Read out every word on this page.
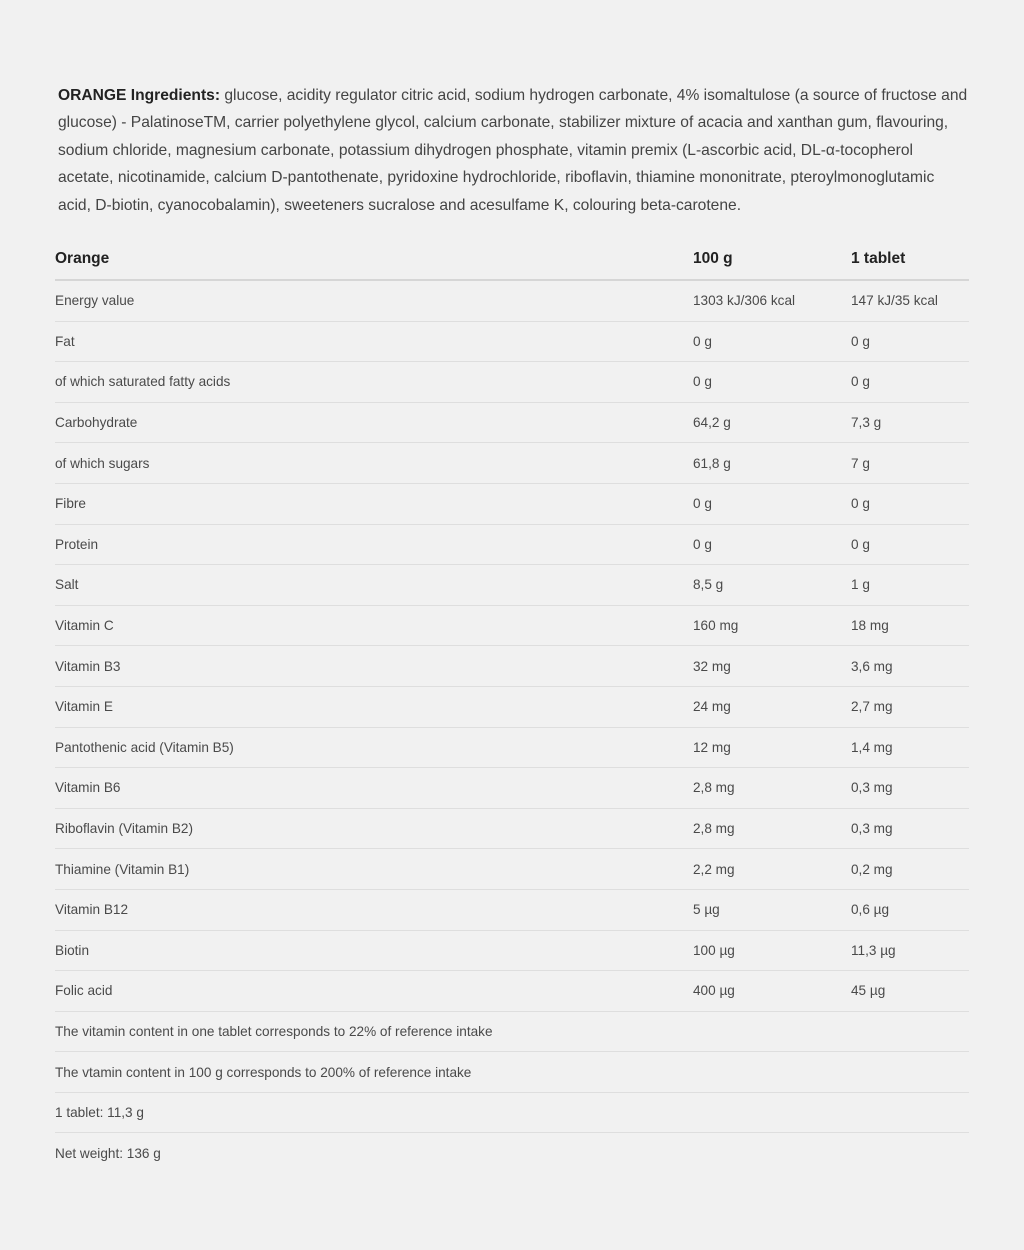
ORANGE Ingredients: glucose, acidity regulator citric acid, sodium hydrogen carbonate, 4% isomaltulose (a source of fructose and glucose) - PalatinoseTM, carrier polyethylene glycol, calcium carbonate, stabilizer mixture of acacia and xanthan gum, flavouring, sodium chloride, magnesium carbonate, potassium dihydrogen phosphate, vitamin premix (L-ascorbic acid, DL-α-tocopherol acetate, nicotinamide, calcium D-pantothenate, pyridoxine hydrochloride, riboflavin, thiamine mononitrate, pteroylmonoglutamic acid, D-biotin, cyanocobalamin), sweeteners sucralose and acesulfame K, colouring beta-carotene.

Orange	100 g	1 tablet
Energy value	1303 kJ/306 kcal	147 kJ/35 kcal
Fat	0 g	0 g
of which saturated fatty acids	0 g	0 g
Carbohydrate	64,2 g	7,3 g
of which sugars	61,8 g	7 g
Fibre	0 g	0 g
Protein	0 g	0 g
Salt	8,5 g	1 g
Vitamin C	160 mg	18 mg
Vitamin B3	32 mg	3,6 mg
Vitamin E	24 mg	2,7 mg
Pantothenic acid (Vitamin B5)	12 mg	1,4 mg
Vitamin B6	2,8 mg	0,3 mg
Riboflavin (Vitamin B2)	2,8 mg	0,3 mg
Thiamine (Vitamin B1)	2,2 mg	0,2 mg
Vitamin B12	5 µg	0,6 µg
Biotin	100 µg	11,3 µg
Folic acid	400 µg	45 µg
The vitamin content in one tablet corresponds to 22% of reference intake		
The vtamin content in 100 g corresponds to 200% of reference intake		
1 tablet: 11,3 g		
Net weight: 136 g		
